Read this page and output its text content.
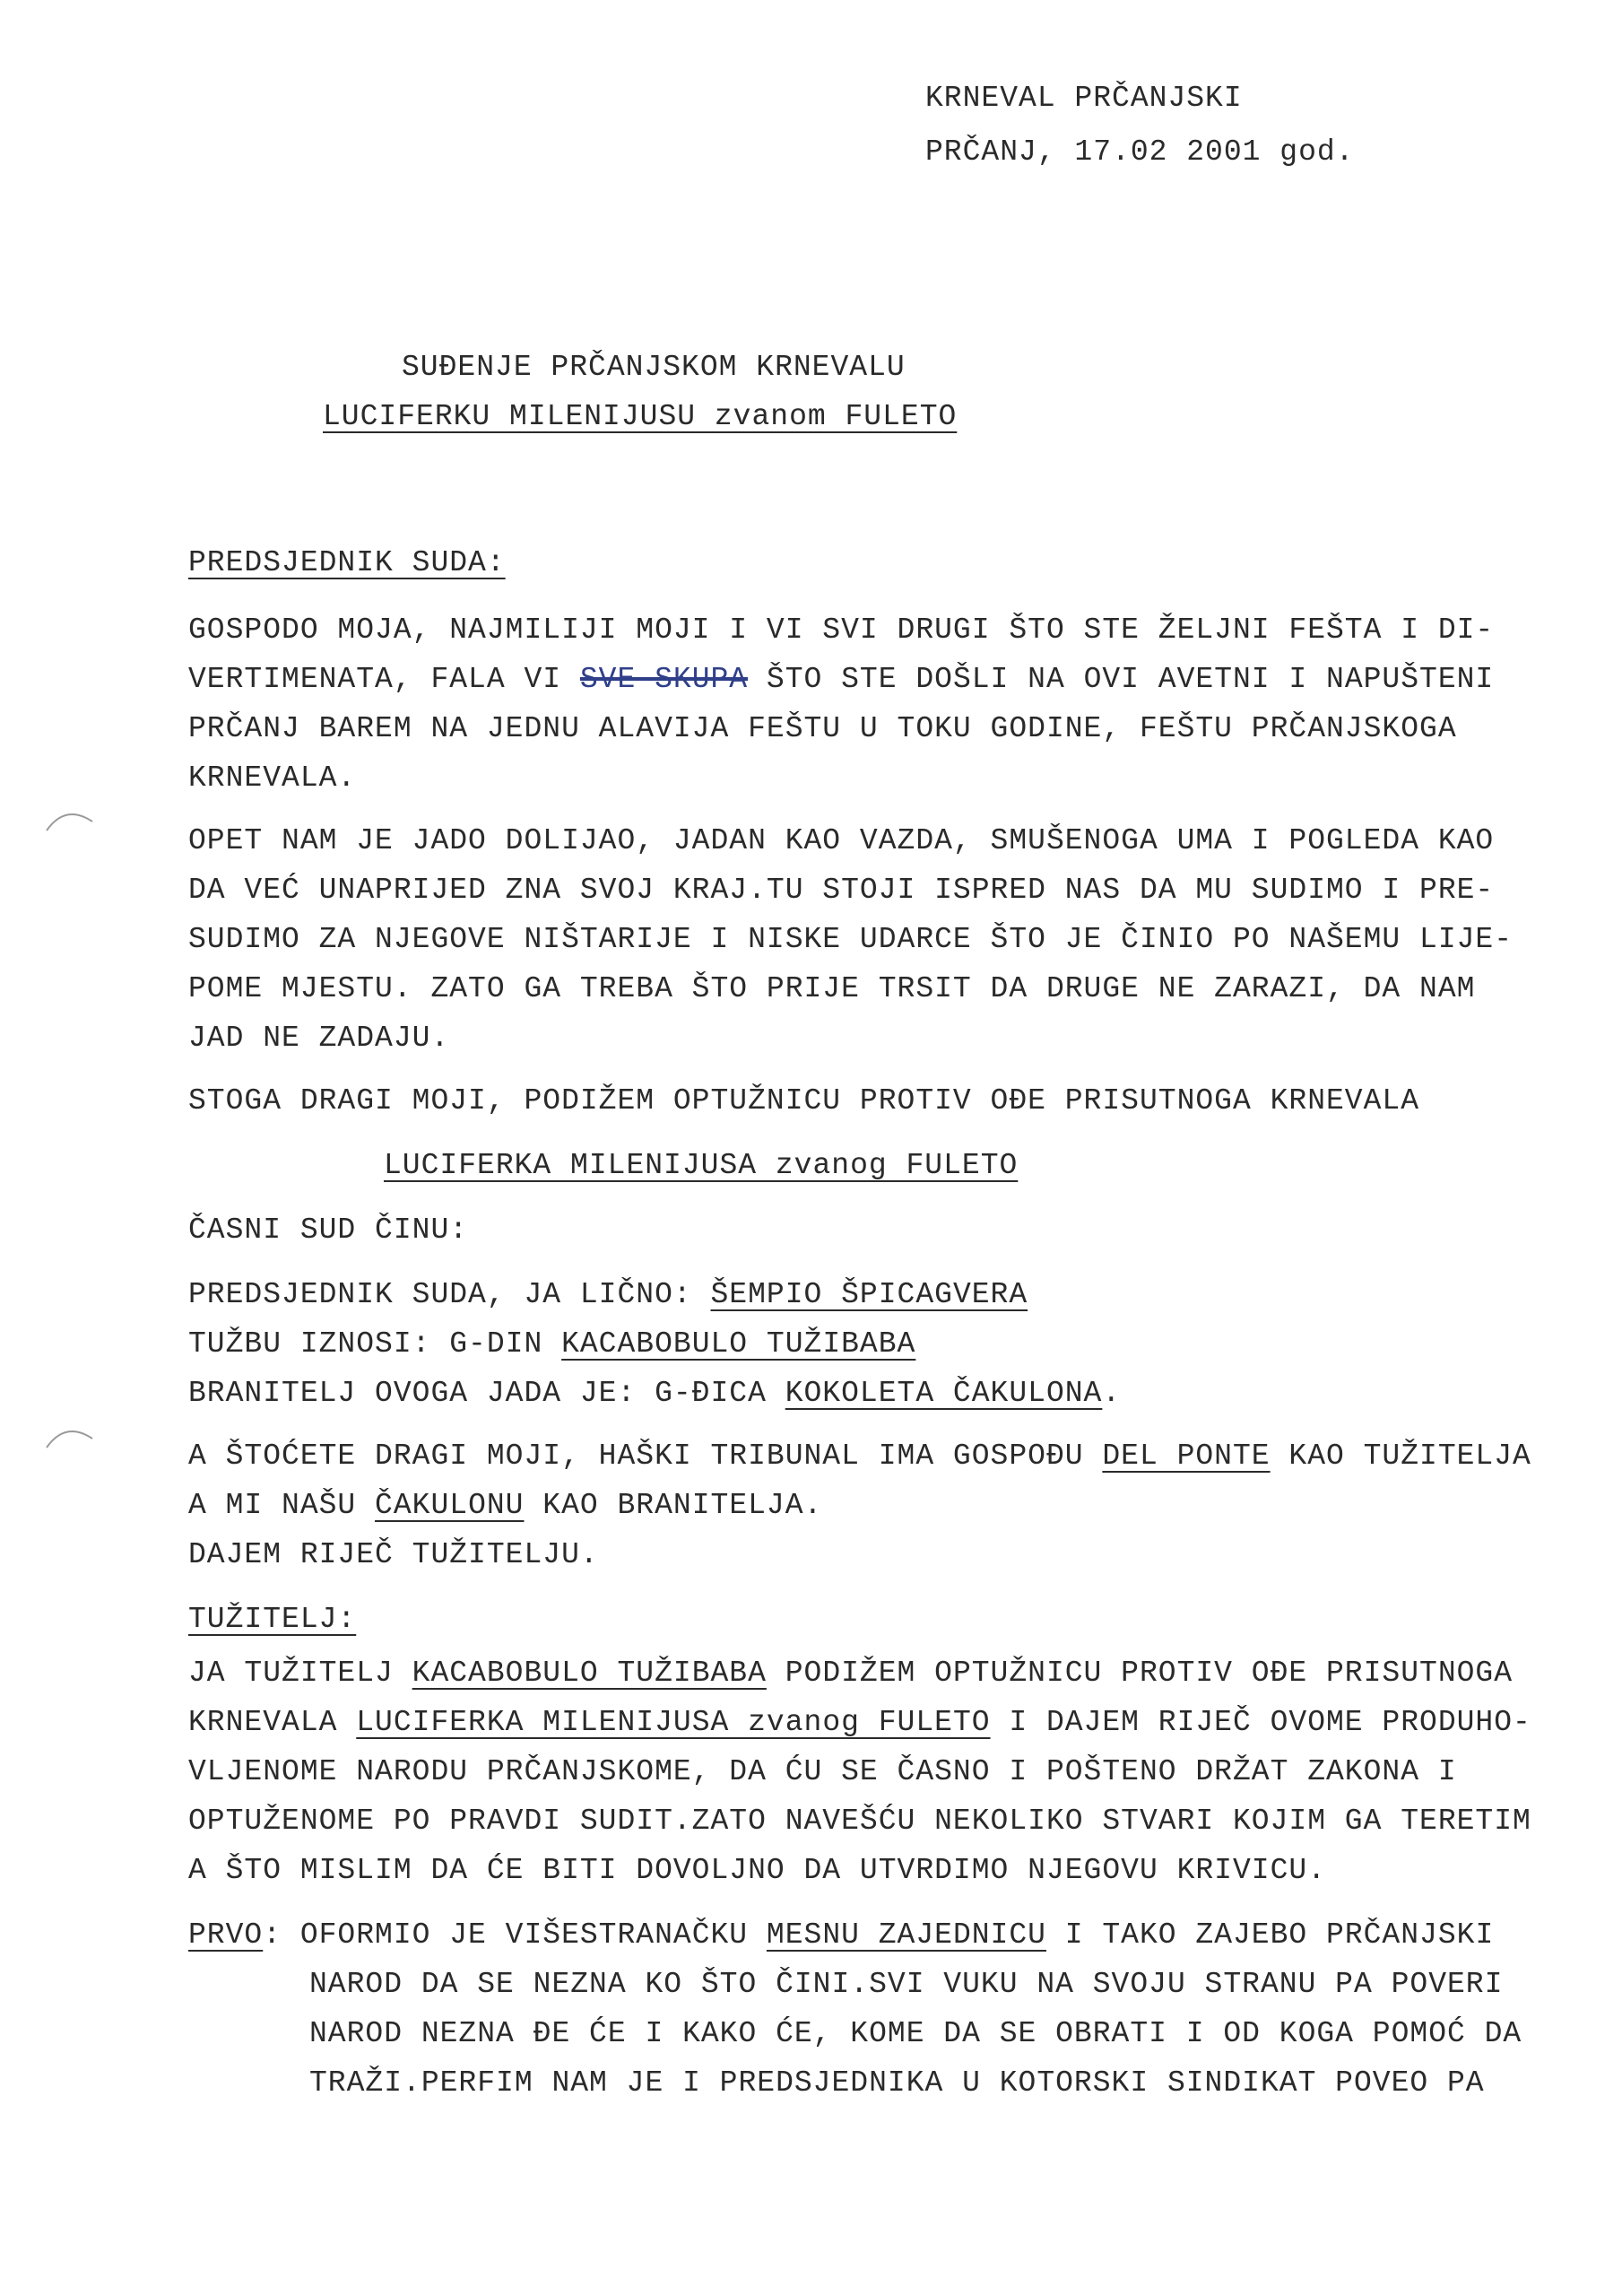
KRNEVAL PRČANJSKI
PRČANJ, 17.02 2001 god.
SUĐENJE PRČANJSKOM KRNEVALU
LUCIFERKU MILENIJUSU zvanom FULETO
PREDSJEDNIK SUDA:
GOSPODO MOJA, NAJMILIJI MOJI I VI SVI DRUGI ŠTO STE ŽELJNI FEŠTA I DI-
VERTIMENATA, FALA VI SVE SKUPA ŠTO STE DOŠLI NA OVI AVETNI I NAPUŠTENI
PRČANJ BAREM NA JEDNU ALAVIJA FEŠTU U TOKU GODINE, FEŠTU PRČANJSKOGA
KRNEVALA.
OPET NAM JE JADO DOLIJAO, JADAN KAO VAZDA, SMUŠENOGA UMA I POGLEDA KAO
DA VEĆ UNAPRIJED ZNA SVOJ KRAJ.TU STOJI ISPRED NAS DA MU SUDIMO I PRE-
SUDIMO ZA NJEGOVE NIŠTARIJE I NISKE UDARCE ŠTO JE ČINIO PO NAŠEMU LIJE-
POME MJESTU. ZATO GA TREBA ŠTO PRIJE TRSIT DA DRUGE NE ZARAZI, DA NAM
JAD NE ZADAJU.
STOGA DRAGI MOJI, PODIŽEM OPTUŽNICU PROTIV OĐE PRISUTNOGA KRNEVALA
LUCIFERKA MILENIJUSA zvanog FULETO
ČASNI SUD ČINU:
PREDSJEDNIK SUDA, JA LIČNO: ŠEMPIO ŠPICAGVERA
TUŽBU IZNOSI: G-DIN KACABOBULO TUŽIBABA
BRANITELJ OVOGA JADA JE: G-ĐICA KOKOLETA ČAKULONA.
A ŠTOĆETE DRAGI MOJI, HAŠKI TRIBUNAL IMA GOSPOĐU DEL PONTE KAO TUŽITELJA
A MI NAŠU ČAKULONU KAO BRANITELJA.
DAJEM RIJEČ TUŽITELJU.
TUŽITELJ:
JA TUŽITELJ KACABOBULO TUŽIBABA PODIŽEM OPTUŽNICU PROTIV OĐE PRISUTNOGA
KRNEVALA LUCIFERKA MILENIJUSA zvanog FULETO I DAJEM RIJEČ OVOME PRODUHO-
VLJENOME NARODU PRČANJSKOME, DA ĆU SE ČASNO I POŠTENO DRŽAT ZAKONA I
OPTUŽENOME PO PRAVDI SUDIT.ZATO NAVEŠĆU NEKOLIKO STVARI KOJIM GA TERETIM
A ŠTO MISLIM DA ĆE BITI DOVOLJNO DA UTVRDIMO NJEGOVU KRIVICU.
PRVO: OFORMIO JE VIŠESTRANAČKU MESNU ZAJEDNICU I TAKO ZAJEBO PRČANJSKI
NAROD DA SE NEZNA KO ŠTO ČINI.SVI VUKU NA SVOJU STRANU PA POVERI
NAROD NEZNA ĐE ĆE I KAKO ĆE, KOME DA SE OBRATI I OD KOGA POMOĆ DA
TRAŽI.PERFIM NAM JE I PREDSJEDNIKA U KOTORSKI SINDIKAT POVEO PA
